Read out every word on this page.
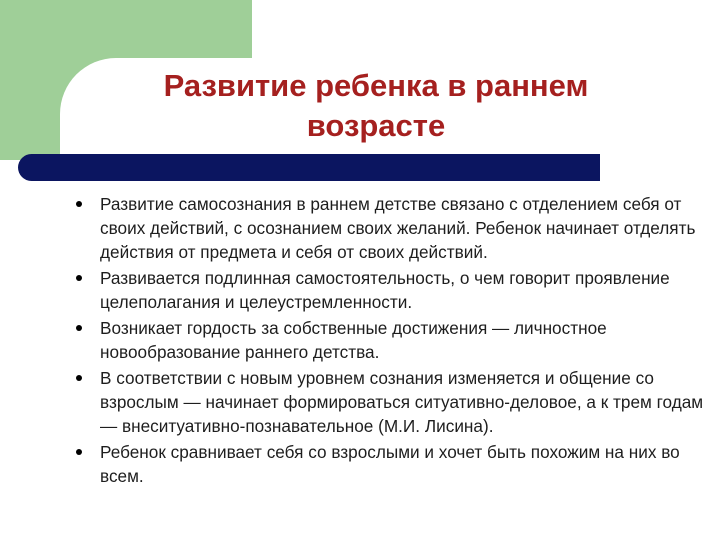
Развитие ребенка в раннем
возрасте
Развитие самосознания в раннем детстве связано с отделением себя от своих действий, с осознанием своих желаний. Ребенок начинает отделять действия от предмета и себя от своих действий.
Развивается подлинная самостоятельность, о чем говорит проявление целеполагания и целеустремленности.
Возникает гордость за собственные достижения — личностное новообразование раннего детства.
В соответствии с новым уровнем сознания изменяется и общение со взрослым — начинает формироваться ситуативно-деловое, а к трем годам — внеситуативно-познавательное (М.И. Лисина).
Ребенок сравнивает себя со взрослыми и хочет быть похожим на них во всем.
